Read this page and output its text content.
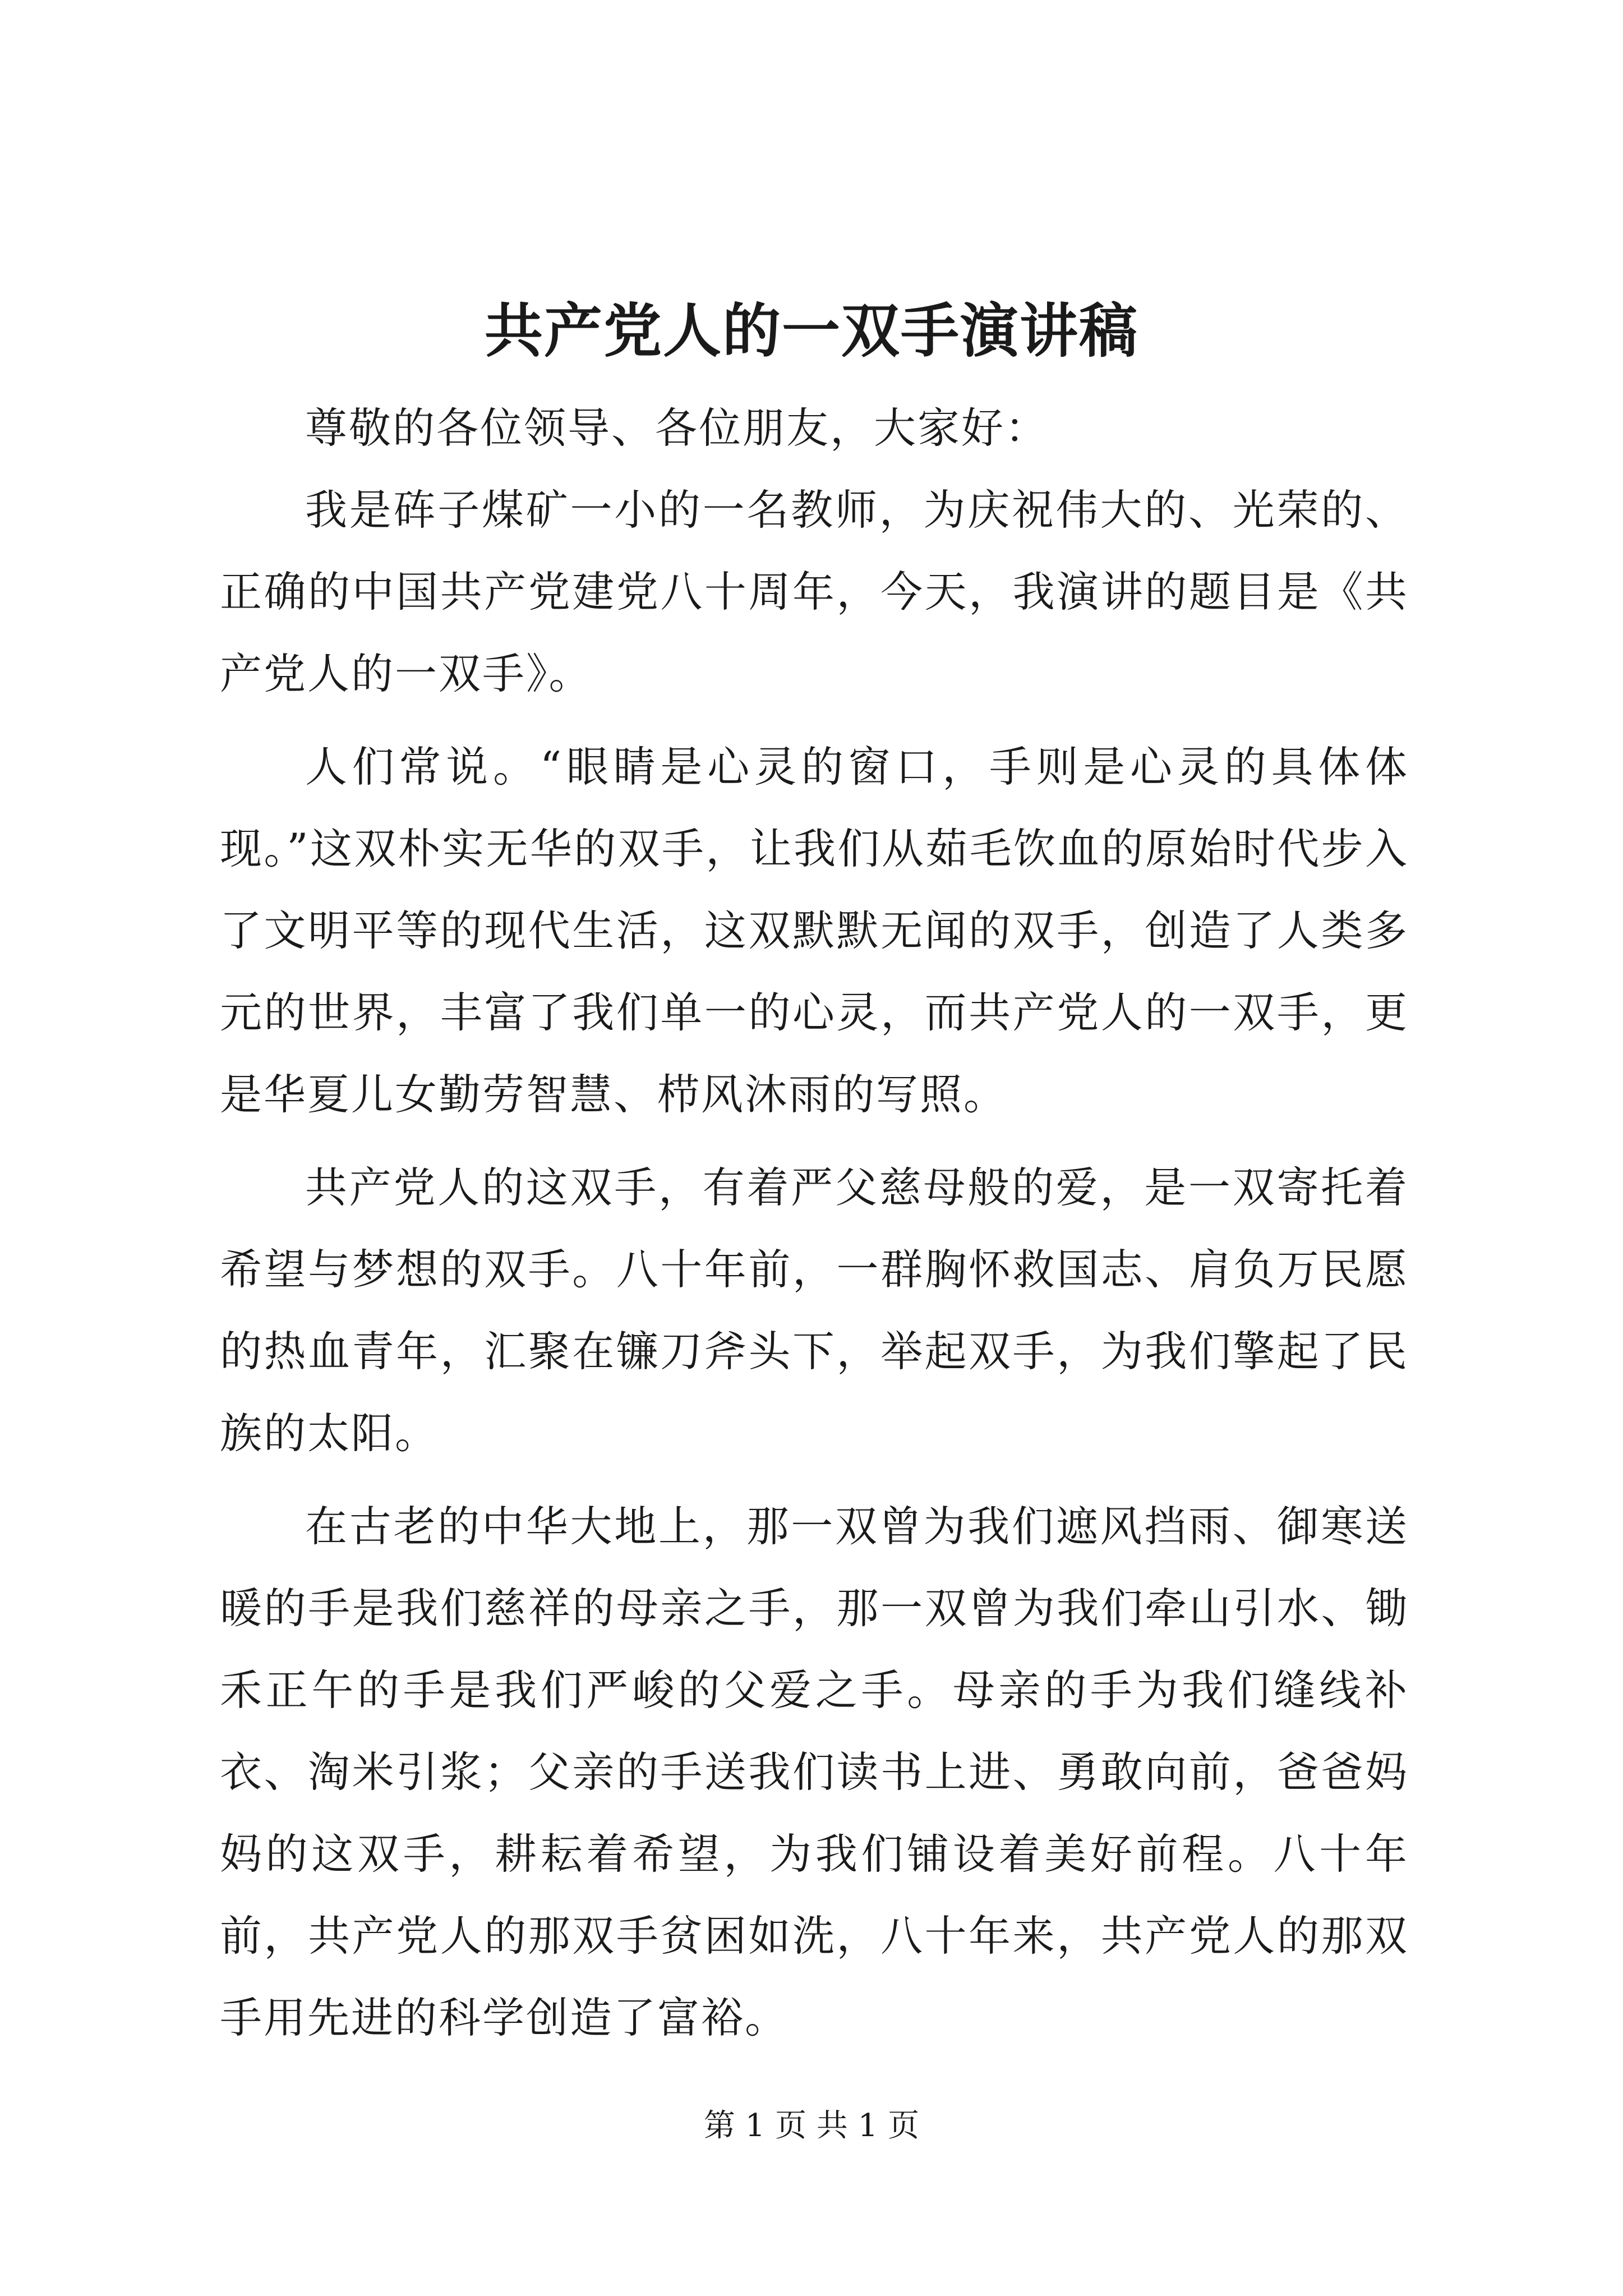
共产党人的一双手演讲稿

尊敬的各位领导、各位朋友，大家好：

我是砗子煤矿一小的一名教师，为庆祝伟大的、光荣的、正确的中国共产党建党八十周年，今天，我演讲的题目是《共产党人的一双手》。

人们常说。“眼睛是心灵的窗口，手则是心灵的具体体现。”这双朴实无华的双手，让我们从茹毛饮血的原始时代步入了文明平等的现代生活，这双默默无闻的双手，创造了人类多元的世界，丰富了我们单一的心灵，而共产党人的一双手，更是华夏儿女勤劳智慧、栉风沐雨的写照。

共产党人的这双手，有着严父慈母般的爱，是一双寄托着希望与梦想的双手。八十年前，一群胸怀救国志、肩负万民愿的热血青年，汇聚在镰刀斧头下，举起双手，为我们擎起了民族的太阳。

在古老的中华大地上，那一双曾为我们遮风挡雨、御寒送暖的手是我们慈祥的母亲之手，那一双曾为我们牵山引水、锄禾正午的手是我们严峻的父爱之手。母亲的手为我们缝线补衣、淘米引浆；父亲的手送我们读书上进、勇敢向前，爸爸妈妈的这双手，耕耘着希望，为我们铺设着美好前程。八十年前，共产党人的那双手贫困如洗，八十年来，共产党人的那双手用先进的科学创造了富裕。

第 1 页 共 1 页
